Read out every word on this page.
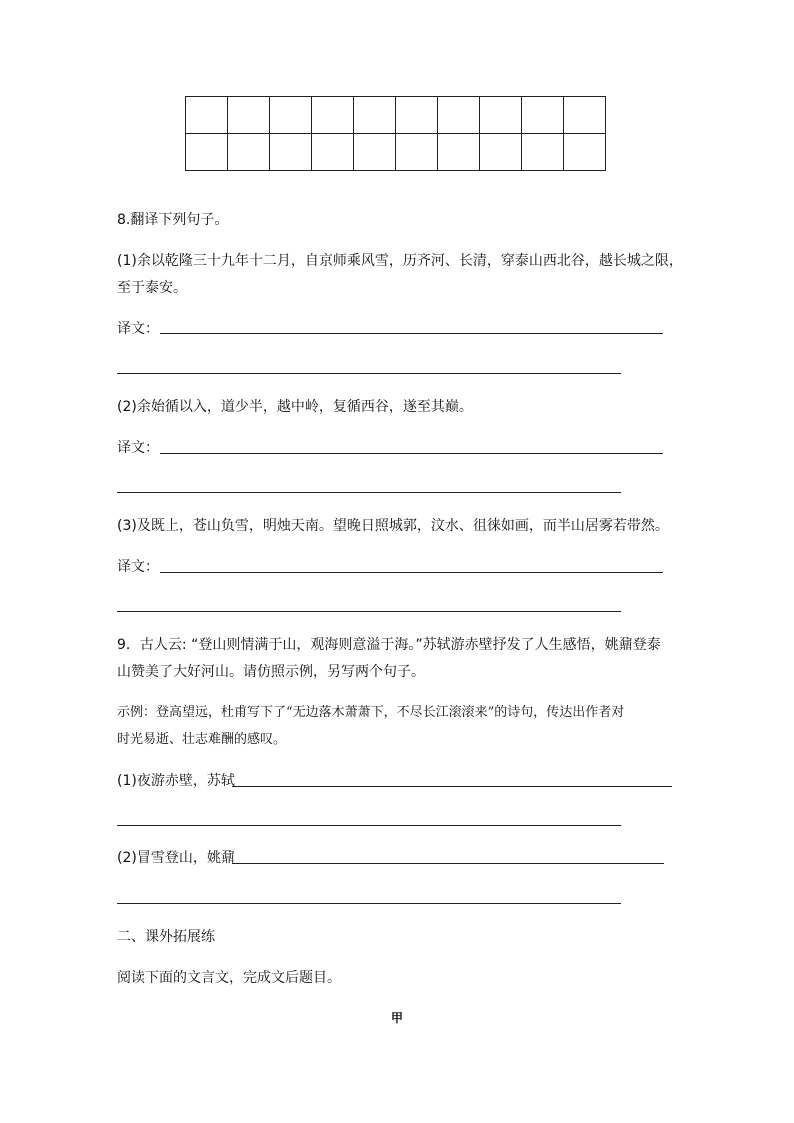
8.翻译下列句子。
(1)余以乾隆三十九年十二月，自京师乘风雪，历齐河、长清，穿泰山西北谷，越长城之限，
至于泰安。
译文：
(2)余始循以入，道少半，越中岭，复循西谷，遂至其巅。
译文：
(3)及既上，苍山负雪，明烛天南。望晚日照城郭，汶水、徂徕如画，而半山居雾若带然。
译文：
9．古人云: “登山则情满于山，观海则意溢于海。”苏轼游赤壁抒发了人生感悟，姚鼐登泰
山赞美了大好河山。请仿照示例，另写两个句子。
示例：登高望远，杜甫写下了“无边落木萧萧下，不尽长江滚滚来”的诗句，传达出作者对
时光易逝、壮志难酬的感叹。
(1)夜游赤壁，苏轼
(2)冒雪登山，姚鼐
二、课外拓展练
阅读下面的文言文，完成文后题目。
甲
